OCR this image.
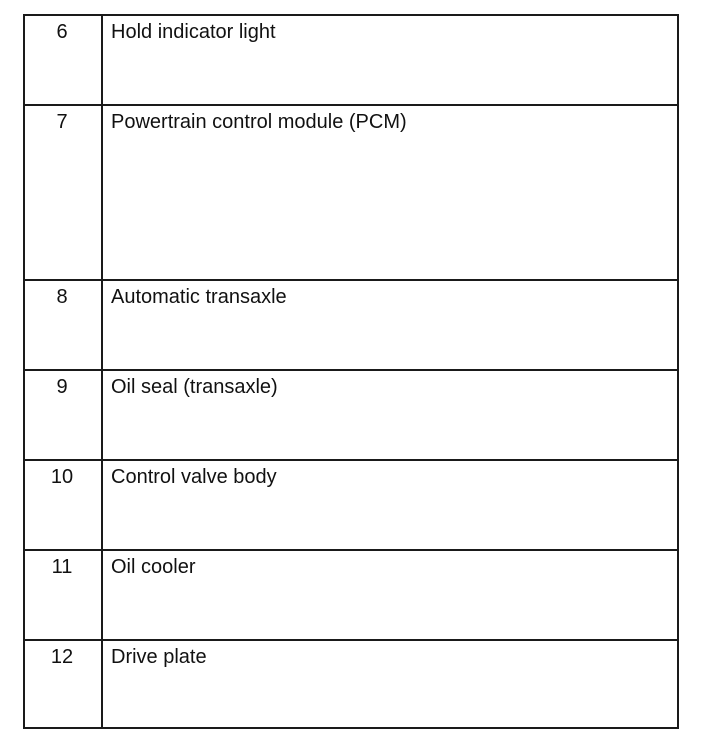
6	Hold indicator light
7	Powertrain control module (PCM)
8	Automatic transaxle
9	Oil seal (transaxle)
10	Control valve body
11	Oil cooler
12	Drive plate
